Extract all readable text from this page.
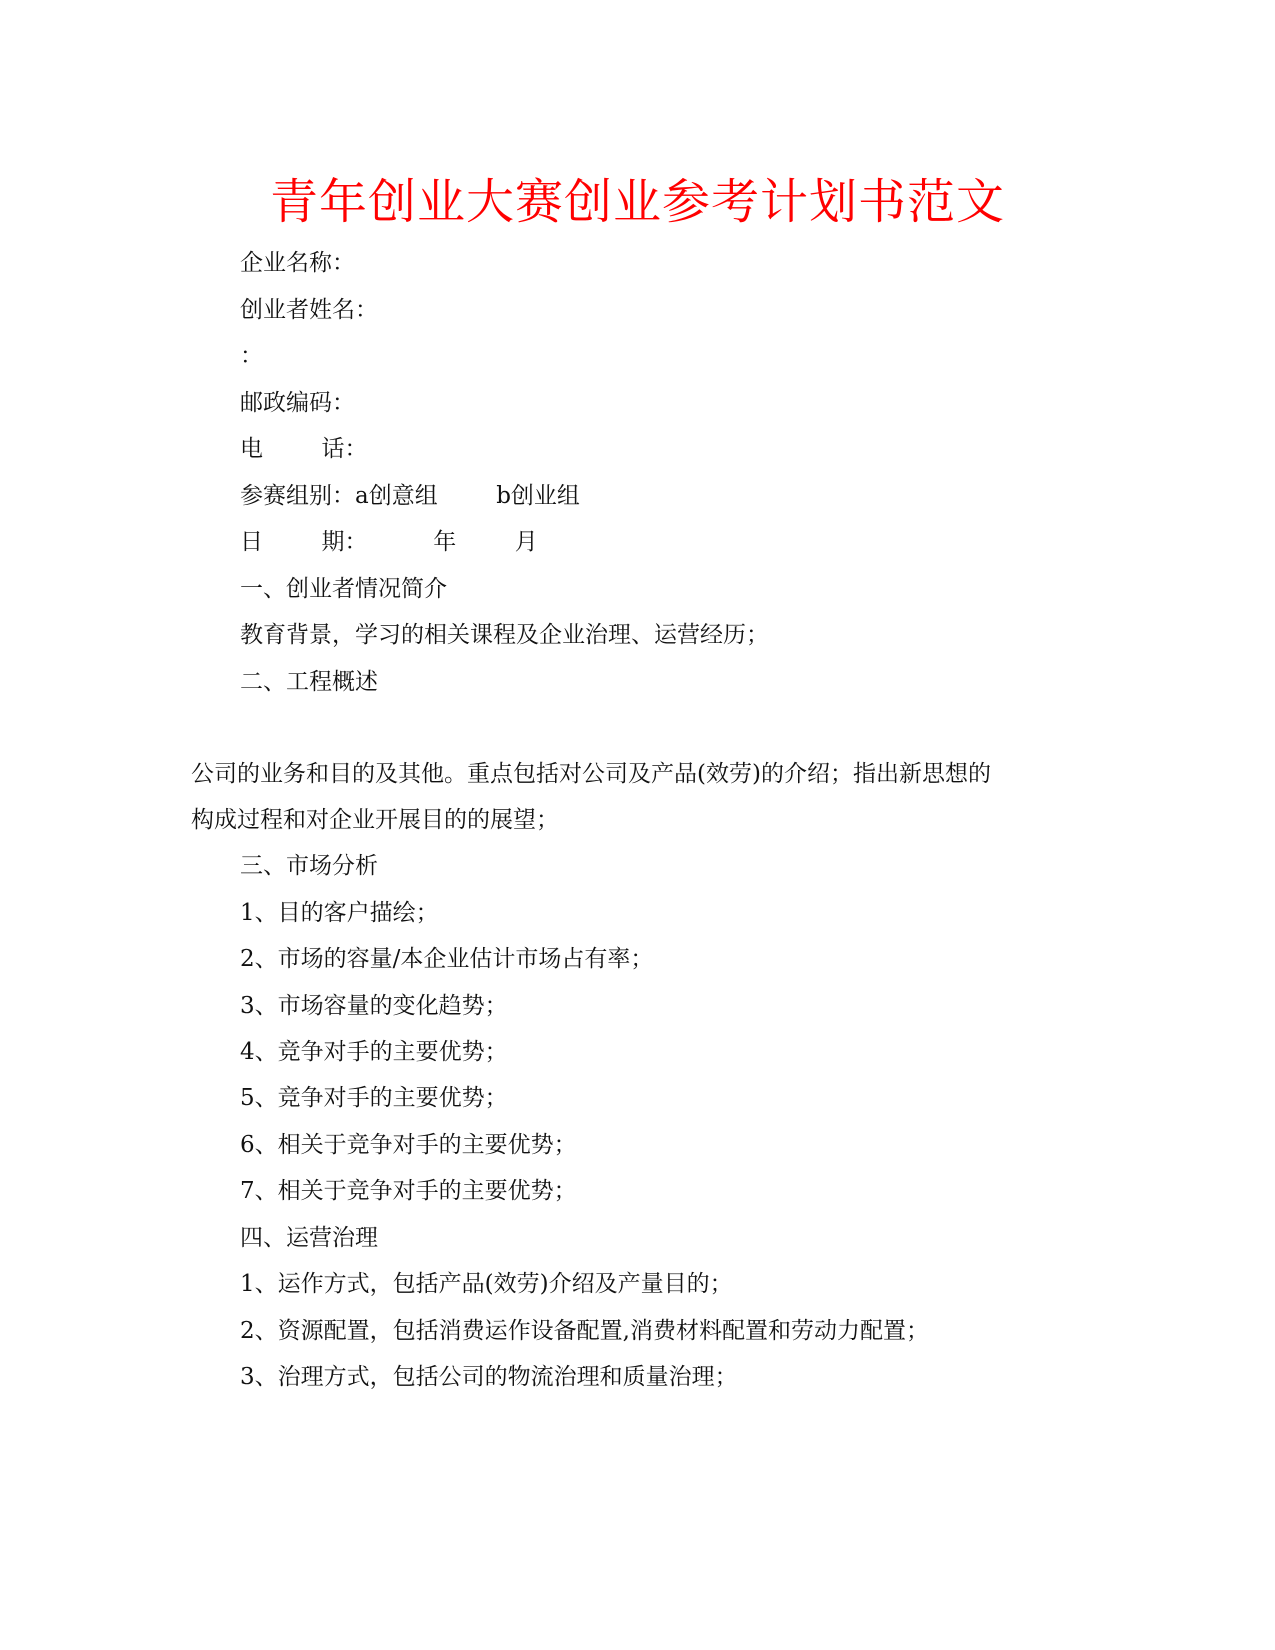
青年创业大赛创业参考计划书范文
企业名称：
创业者姓名：
：
邮政编码：
电        话：
参赛组别：a创意组        b创业组
日        期：         年        月
一、创业者情况简介
教育背景，学习的相关课程及企业治理、运营经历；
二、工程概述
公司的业务和目的及其他。重点包括对公司及产品(效劳)的介绍；指出新思想的
构成过程和对企业开展目的的展望；
三、市场分析
1、目的客户描绘；
2、市场的容量/本企业估计市场占有率；
3、市场容量的变化趋势；
4、竞争对手的主要优势；
5、竞争对手的主要优势；
6、相关于竞争对手的主要优势；
7、相关于竞争对手的主要优势；
四、运营治理
1、运作方式，包括产品(效劳)介绍及产量目的；
2、资源配置，包括消费运作设备配置,消费材料配置和劳动力配置；
3、治理方式，包括公司的物流治理和质量治理；
